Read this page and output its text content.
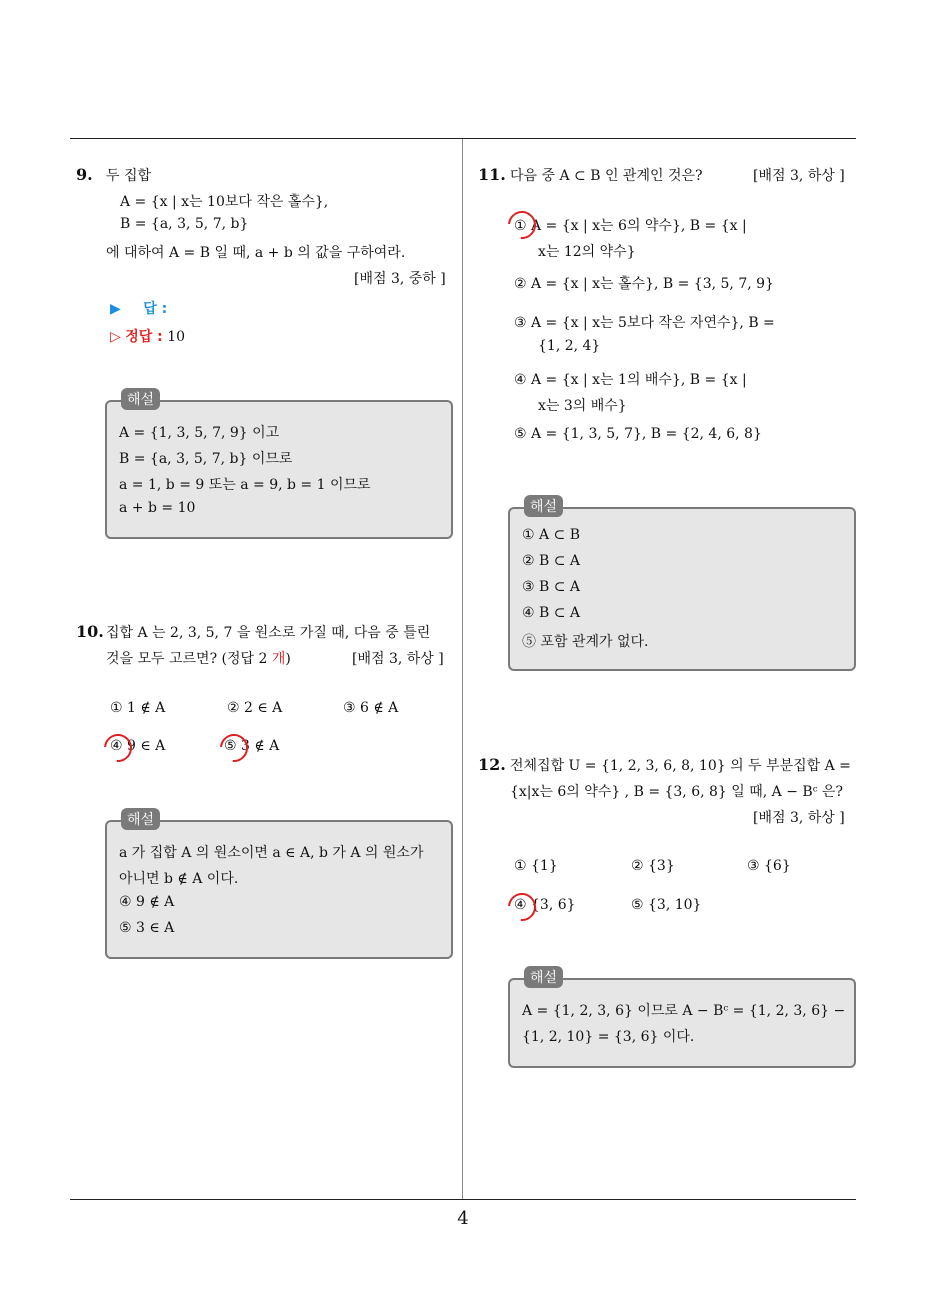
4
9. 두 집합
A = {x | x는 10보다 작은 홀수},
B = {a, 3, 5, 7, b}
에 대하여 A = B 일 때, a + b 의 값을 구하여라.
[배점 3, 중하 ]
▶ 답 :
▷ 정답 : 10
해설
A = {1, 3, 5, 7, 9} 이고
B = {a, 3, 5, 7, b} 이므로
a = 1, b = 9 또는 a = 9, b = 1 이므로
a + b = 10
10. 집합 A 는 2, 3, 5, 7 을 원소로 가질 때, 다음 중 틀린
것을 모두 고르면? (정답 2 개)	[배점 3, 하상 ]
① 1 ∉ A	② 2 ∈ A	③ 6 ∉ A
④ 9 ∈ A	⑤ 3 ∉ A
해설
a 가 집합 A 의 원소이면 a ∈ A, b 가 A 의 원소가
아니면 b ∉ A 이다.
④ 9 ∉ A
⑤ 3 ∈ A
11. 다음 중 A ⊂ B 인 관계인 것은?	[배점 3, 하상 ]
① A = {x | x는 6의 약수}, B = {x |
x는 12의 약수}
② A = {x | x는 홀수}, B = {3, 5, 7, 9}
③ A = {x | x는 5보다 작은 자연수}, B =
{1, 2, 4}
④ A = {x | x는 1의 배수}, B = {x |
x는 3의 배수}
⑤ A = {1, 3, 5, 7}, B = {2, 4, 6, 8}
해설
① A ⊂ B
② B ⊂ A
③ B ⊂ A
④ B ⊂ A
⑤ 포함 관계가 없다.
12. 전체집합 U = {1, 2, 3, 6, 8, 10} 의 두 부분집합 A =
{x|x는 6의 약수} , B = {3, 6, 8} 일 때, A − Bᶜ 은?
[배점 3, 하상 ]
① {1}	② {3}	③ {6}
④ {3, 6}	⑤ {3, 10}
해설
A = {1, 2, 3, 6} 이므로 A − Bᶜ = {1, 2, 3, 6} −
{1, 2, 10} = {3, 6} 이다.
